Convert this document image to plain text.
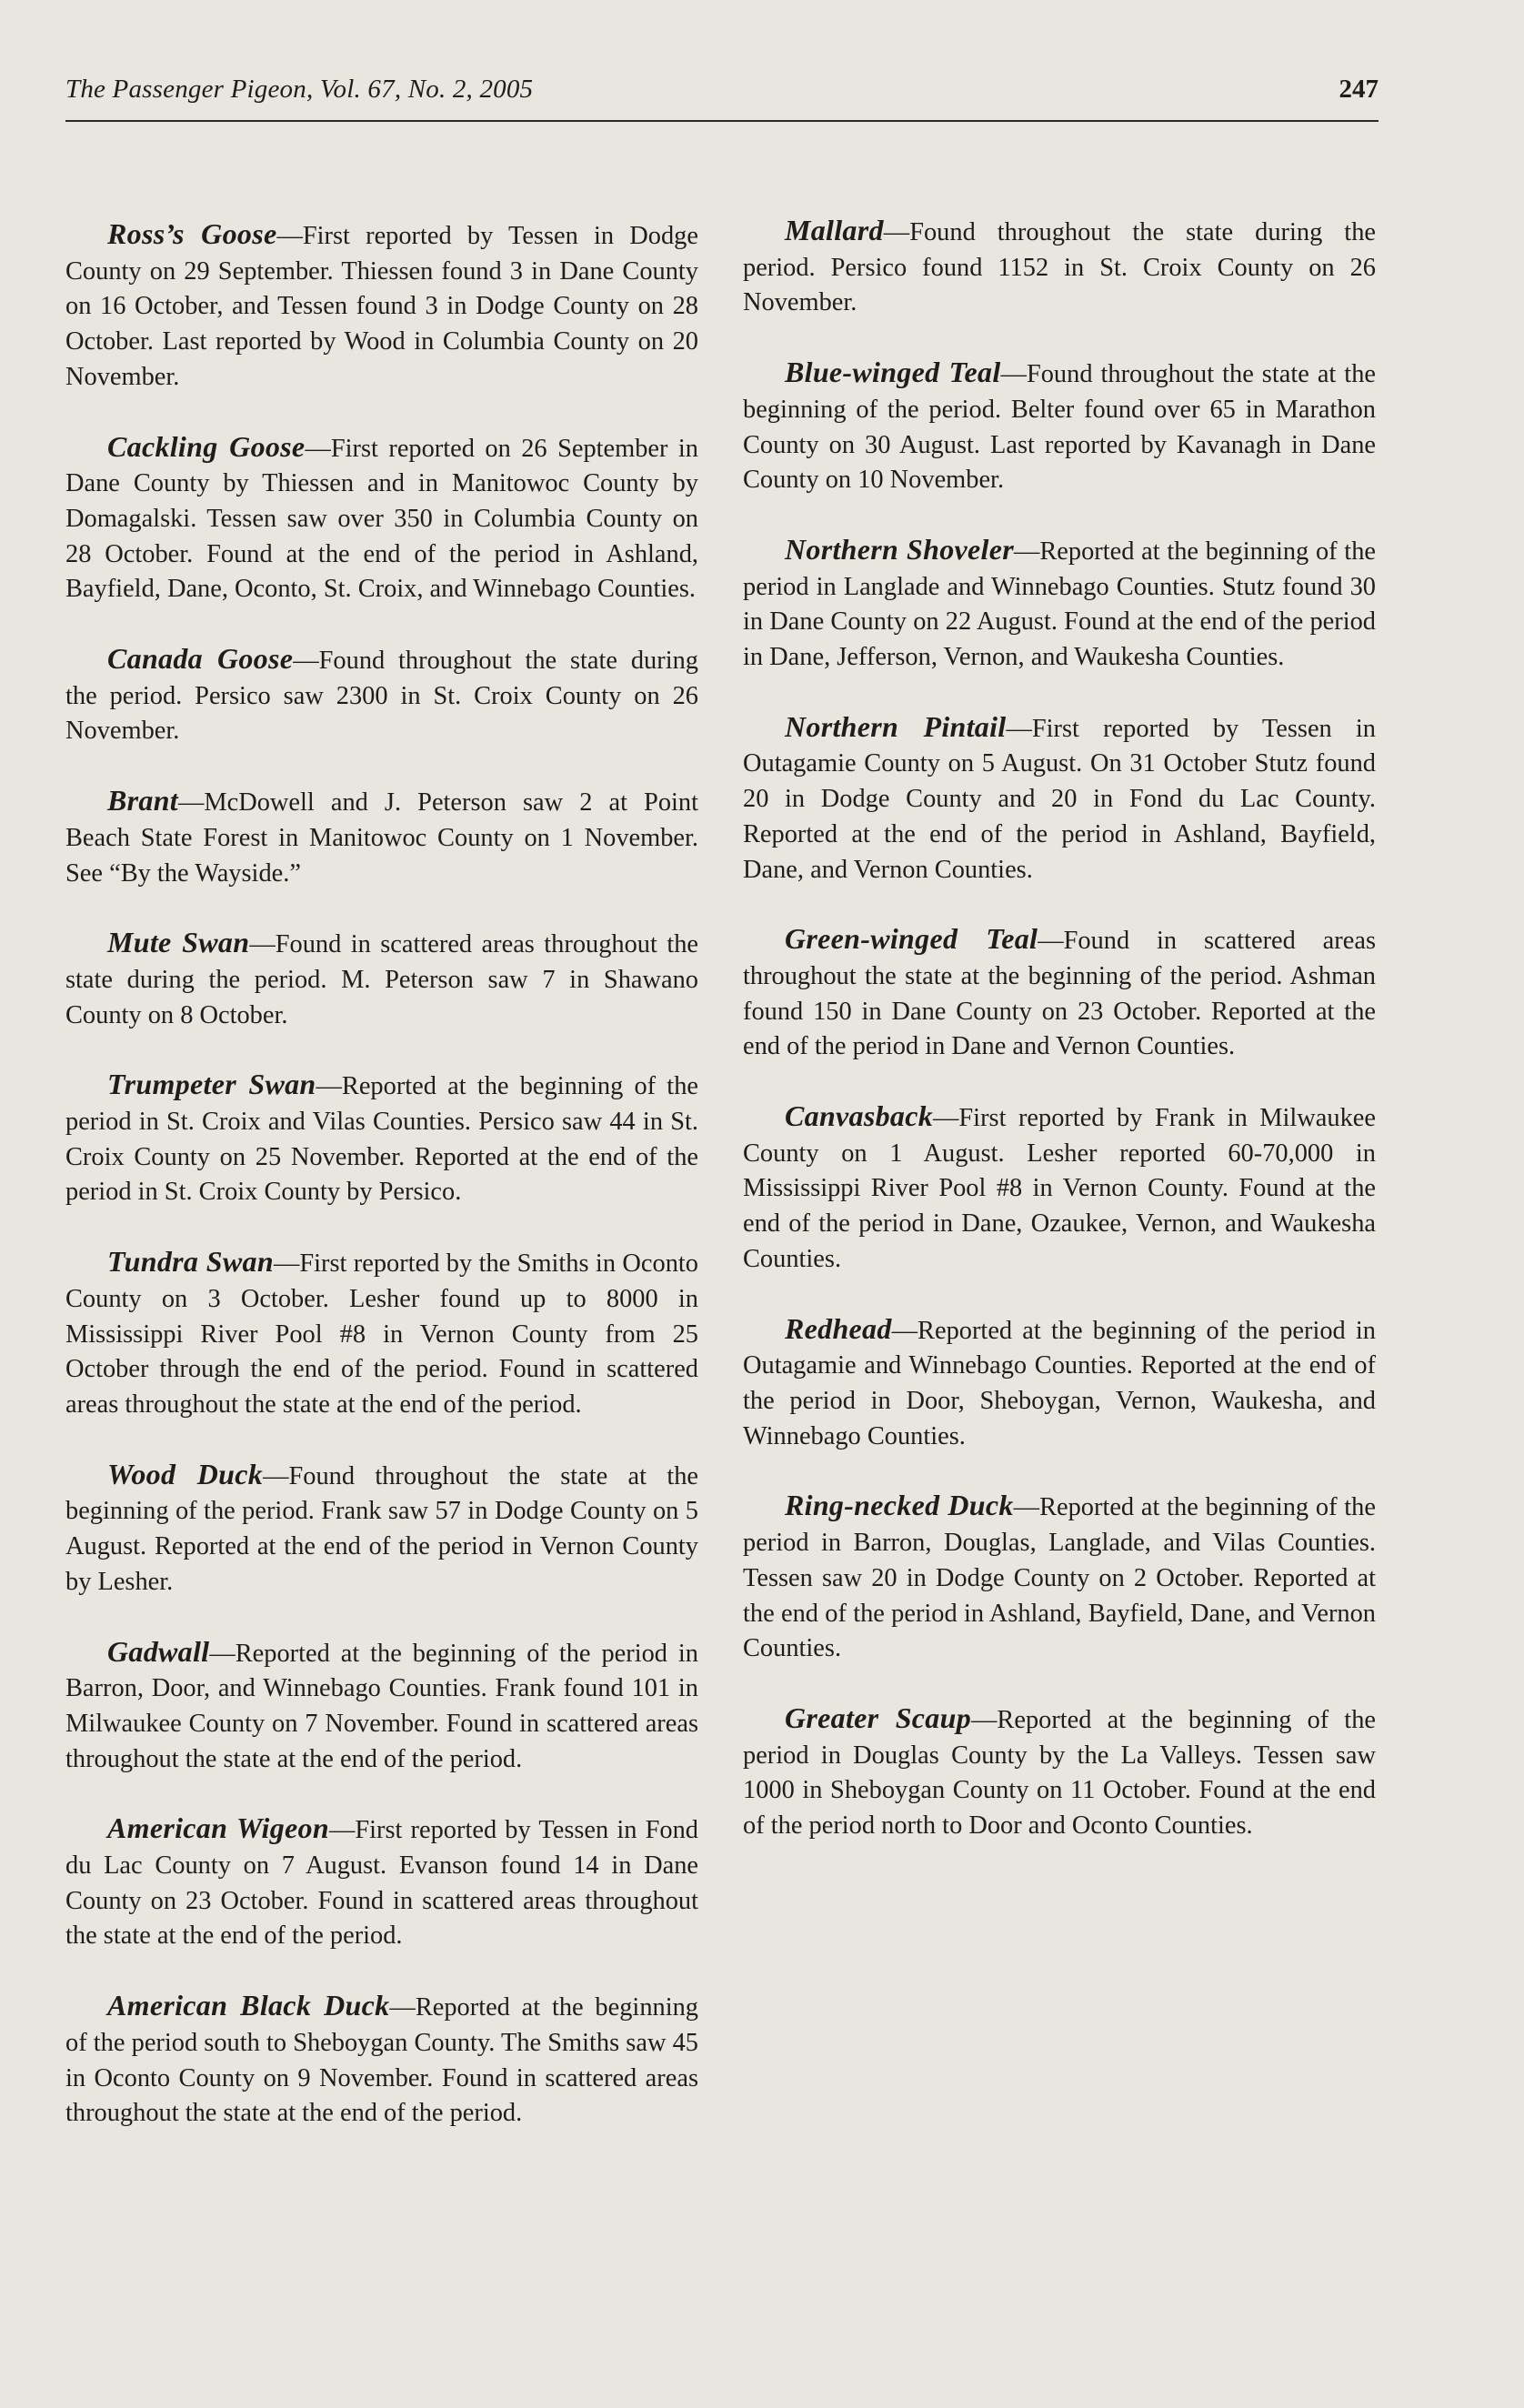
The Passenger Pigeon, Vol. 67, No. 2, 2005	247

Ross’s Goose—First reported by Tessen in Dodge County on 29 September. Thiessen found 3 in Dane County on 16 October, and Tessen found 3 in Dodge County on 28 October. Last reported by Wood in Columbia County on 20 November.

Cackling Goose—First reported on 26 September in Dane County by Thiessen and in Manitowoc County by Domagalski. Tessen saw over 350 in Columbia County on 28 October. Found at the end of the period in Ashland, Bayfield, Dane, Oconto, St. Croix, and Winnebago Counties.

Canada Goose—Found throughout the state during the period. Persico saw 2300 in St. Croix County on 26 November.

Brant—McDowell and J. Peterson saw 2 at Point Beach State Forest in Manitowoc County on 1 November. See “By the Wayside.”

Mute Swan—Found in scattered areas throughout the state during the period. M. Peterson saw 7 in Shawano County on 8 October.

Trumpeter Swan—Reported at the beginning of the period in St. Croix and Vilas Counties. Persico saw 44 in St. Croix County on 25 November. Reported at the end of the period in St. Croix County by Persico.

Tundra Swan—First reported by the Smiths in Oconto County on 3 October. Lesher found up to 8000 in Mississippi River Pool #8 in Vernon County from 25 October through the end of the period. Found in scattered areas throughout the state at the end of the period.

Wood Duck—Found throughout the state at the beginning of the period. Frank saw 57 in Dodge County on 5 August. Reported at the end of the period in Vernon County by Lesher.

Gadwall—Reported at the beginning of the period in Barron, Door, and Winnebago Counties. Frank found 101 in Milwaukee County on 7 November. Found in scattered areas throughout the state at the end of the period.

American Wigeon—First reported by Tessen in Fond du Lac County on 7 August. Evanson found 14 in Dane County on 23 October. Found in scattered areas throughout the state at the end of the period.

American Black Duck—Reported at the beginning of the period south to Sheboygan County. The Smiths saw 45 in Oconto County on 9 November. Found in scattered areas throughout the state at the end of the period.

Mallard—Found throughout the state during the period. Persico found 1152 in St. Croix County on 26 November.

Blue-winged Teal—Found throughout the state at the beginning of the period. Belter found over 65 in Marathon County on 30 August. Last reported by Kavanagh in Dane County on 10 November.

Northern Shoveler—Reported at the beginning of the period in Langlade and Winnebago Counties. Stutz found 30 in Dane County on 22 August. Found at the end of the period in Dane, Jefferson, Vernon, and Waukesha Counties.

Northern Pintail—First reported by Tessen in Outagamie County on 5 August. On 31 October Stutz found 20 in Dodge County and 20 in Fond du Lac County. Reported at the end of the period in Ashland, Bayfield, Dane, and Vernon Counties.

Green-winged Teal—Found in scattered areas throughout the state at the beginning of the period. Ashman found 150 in Dane County on 23 October. Reported at the end of the period in Dane and Vernon Counties.

Canvasback—First reported by Frank in Milwaukee County on 1 August. Lesher reported 60-70,000 in Mississippi River Pool #8 in Vernon County. Found at the end of the period in Dane, Ozaukee, Vernon, and Waukesha Counties.

Redhead—Reported at the beginning of the period in Outagamie and Winnebago Counties. Reported at the end of the period in Door, Sheboygan, Vernon, Waukesha, and Winnebago Counties.

Ring-necked Duck—Reported at the beginning of the period in Barron, Douglas, Langlade, and Vilas Counties. Tessen saw 20 in Dodge County on 2 October. Reported at the end of the period in Ashland, Bayfield, Dane, and Vernon Counties.

Greater Scaup—Reported at the beginning of the period in Douglas County by the La Valleys. Tessen saw 1000 in Sheboygan County on 11 October. Found at the end of the period north to Door and Oconto Counties.
